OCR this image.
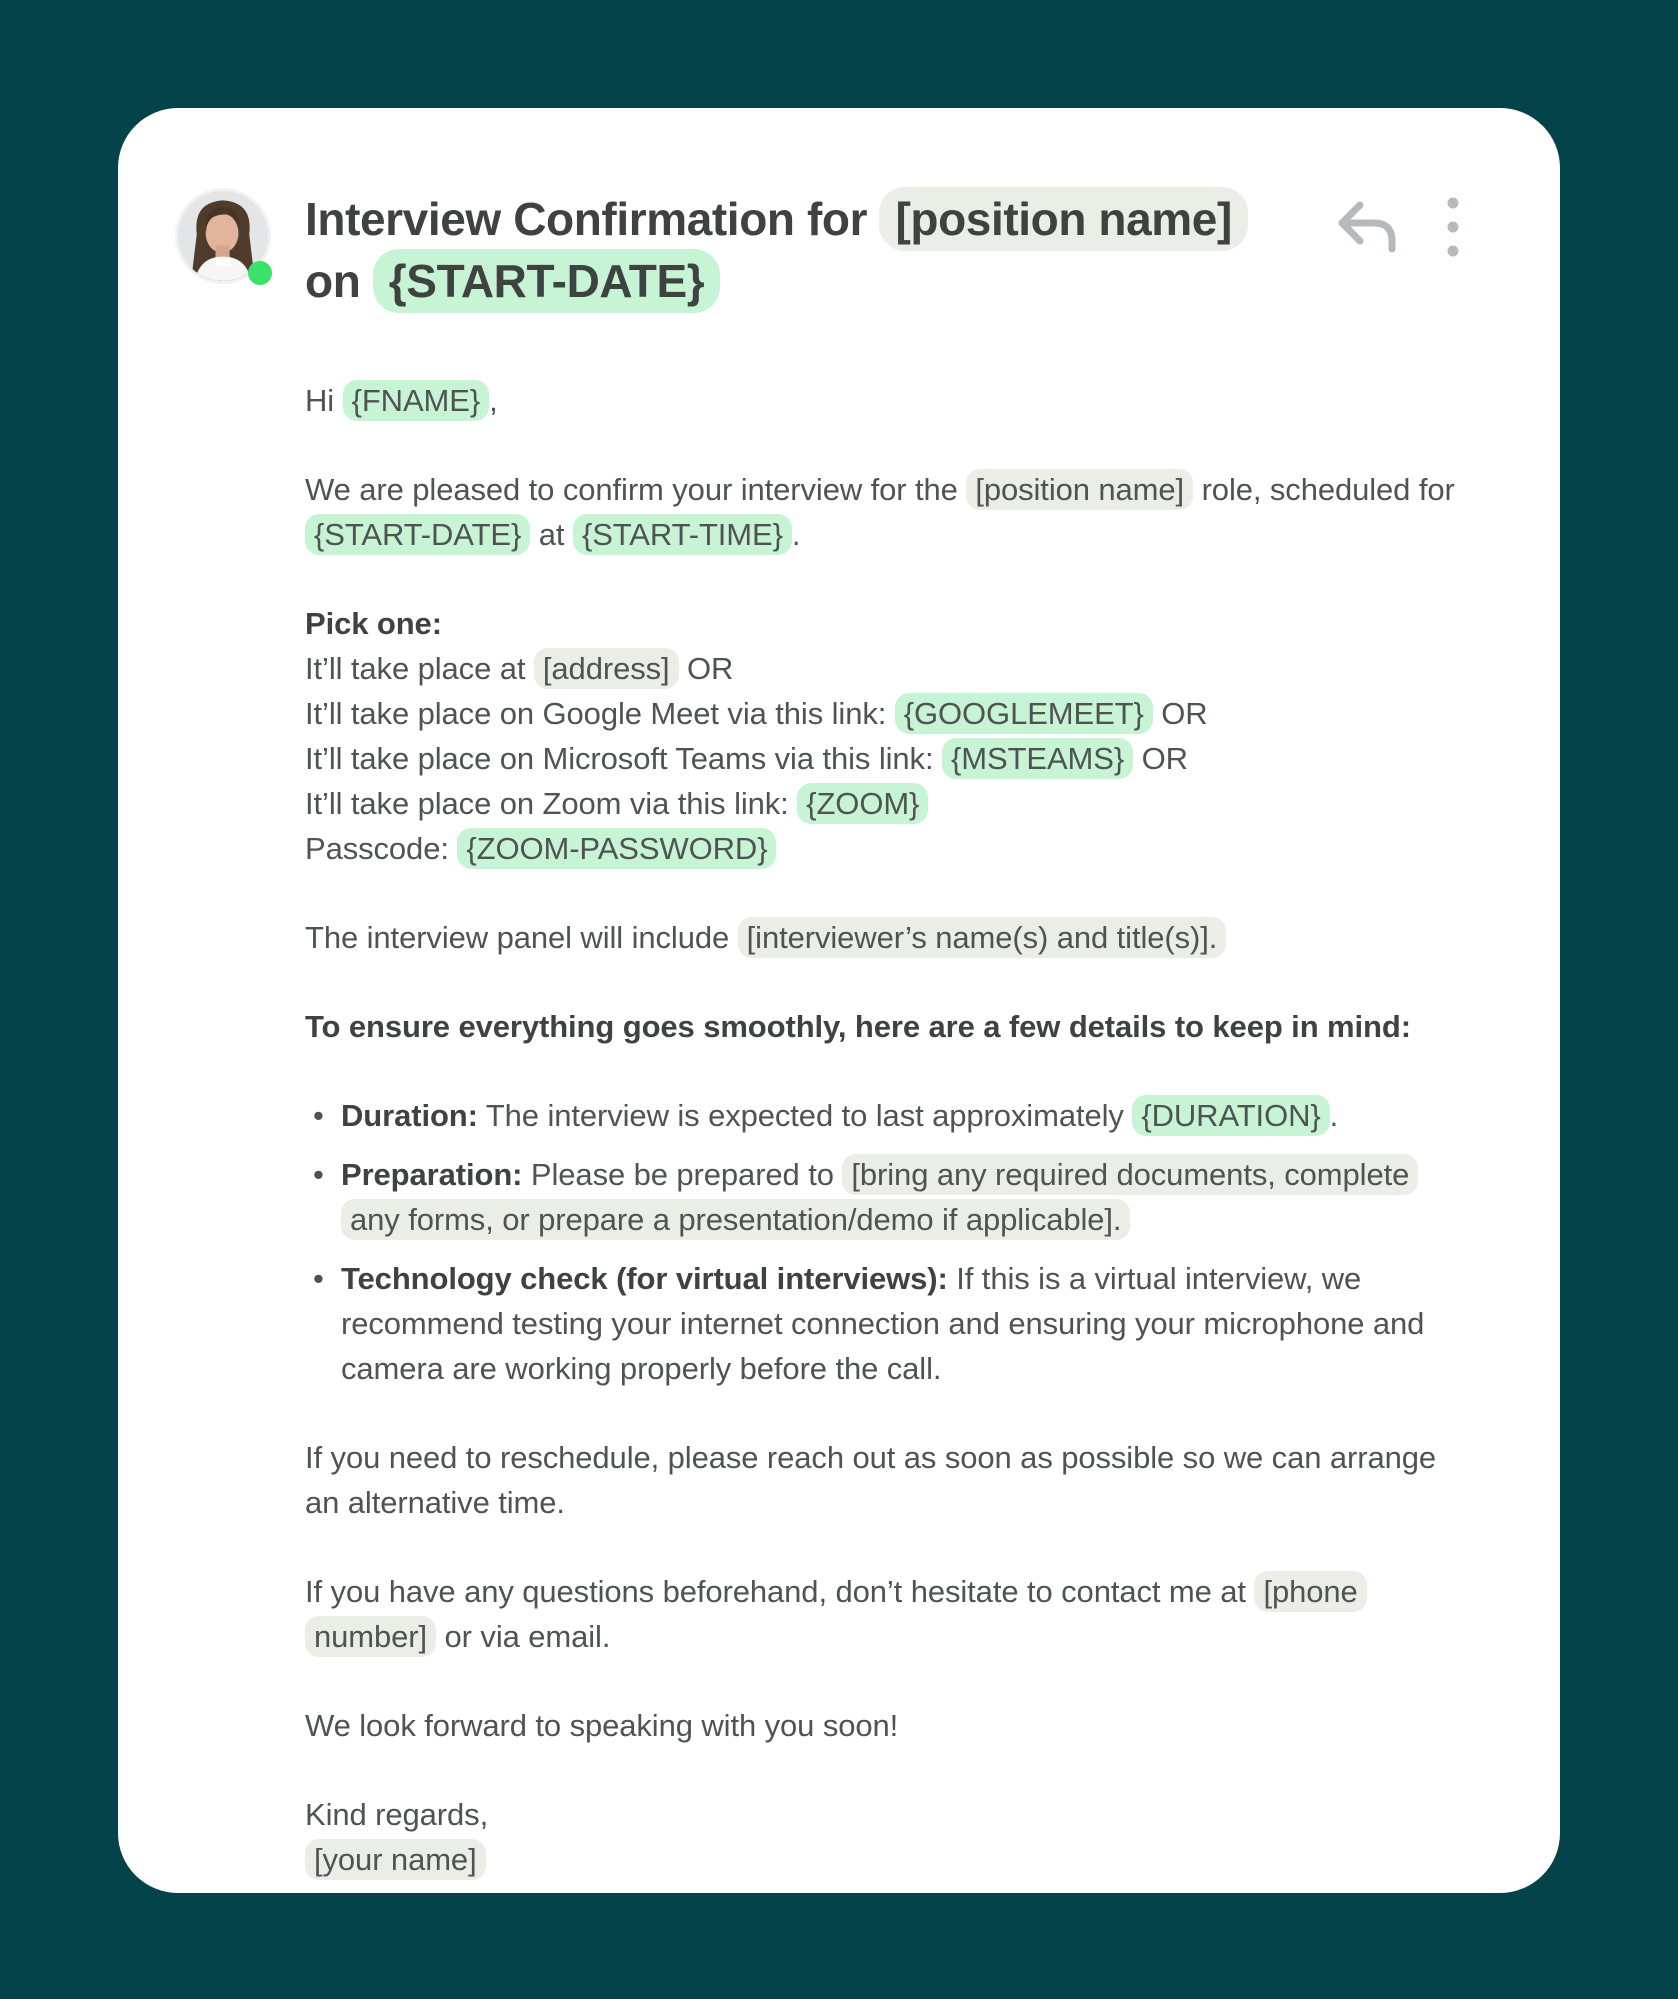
Interview Confirmation for [position name] on {START-DATE}

Hi {FNAME} ,

We are pleased to confirm your interview for the [position name] role, scheduled for {START-DATE} at {START-TIME} .

Pick one:
It’ll take place at [address] OR
It’ll take place on Google Meet via this link: {GOOGLEMEET} OR
It’ll take place on Microsoft Teams via this link: {MSTEAMS} OR
It’ll take place on Zoom via this link: {ZOOM}
Passcode: {ZOOM-PASSWORD}

The interview panel will include [interviewer’s name(s) and title(s)].

To ensure everything goes smoothly, here are a few details to keep in mind:

• Duration: The interview is expected to last approximately {DURATION} .
• Preparation: Please be prepared to [bring any required documents, complete any forms, or prepare a presentation/demo if applicable].
• Technology check (for virtual interviews): If this is a virtual interview, we recommend testing your internet connection and ensuring your microphone and camera are working properly before the call.

If you need to reschedule, please reach out as soon as possible so we can arrange an alternative time.

If you have any questions beforehand, don’t hesitate to contact me at [phone number] or via email.

We look forward to speaking with you soon!

Kind regards,
[your name]
